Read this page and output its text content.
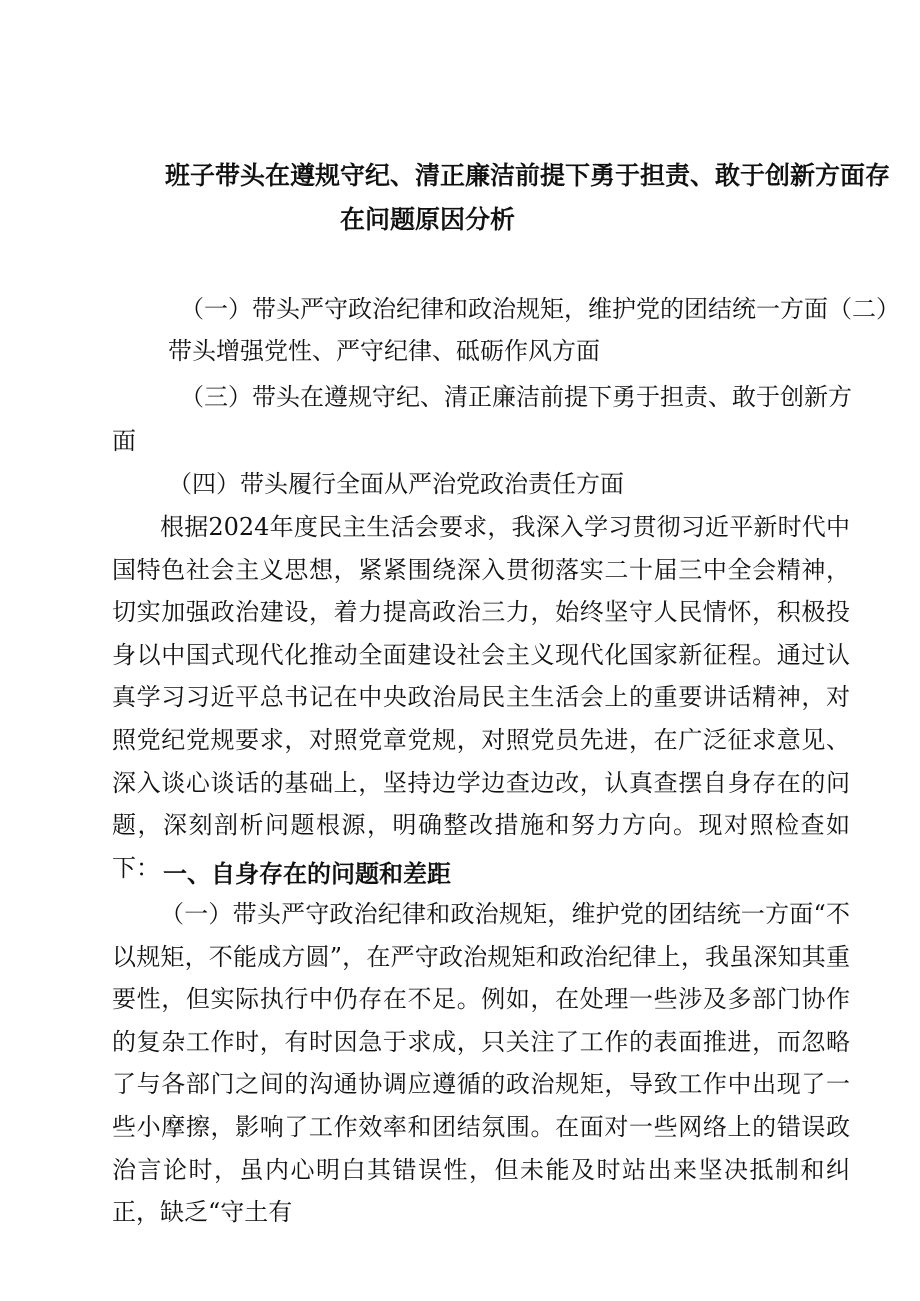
班子带头在遵规守纪、清正廉洁前提下勇于担责、敢于创新方面存
在问题原因分析
（一）带头严守政治纪律和政治规矩，维护党的团结统一方面（二）
带头增强党性、严守纪律、砥砺作风方面
（三）带头在遵规守纪、清正廉洁前提下勇于担责、敢于创新方
面
（四）带头履行全面从严治党政治责任方面

根据2024年度民主生活会要求，我深入学习贯彻习近平新时代中国特色社会主义思想，紧紧围绕深入贯彻落实二十届三中全会精神，切实加强政治建设，着力提高政治三力，始终坚守人民情怀，积极投身以中国式现代化推动全面建设社会主义现代化国家新征程。通过认真学习习近平总书记在中央政治局民主生活会上的重要讲话精神，对照党纪党规要求，对照党章党规，对照党员先进，在广泛征求意见、深入谈心谈话的基础上，坚持边学边查边改，认真查摆自身存在的问题，深刻剖析问题根源，明确整改措施和努力方向。现对照检查如下： 一、自身存在的问题和差距

（一）带头严守政治纪律和政治规矩，维护党的团结统一方面“不以规矩，不能成方圆”，在严守政治规矩和政治纪律上，我虽深知其重要性，但实际执行中仍存在不足。例如，在处理一些涉及多部门协作的复杂工作时，有时因急于求成，只关注了工作的表面推进，而忽略了与各部门之间的沟通协调应遵循的政治规矩，导致工作中出现了一些小摩擦，影响了工作效率和团结氛围。在面对一些网络上的错误政治言论时，虽内心明白其错误性，但未能及时站出来坚决抵制和纠正，缺乏“守土有
